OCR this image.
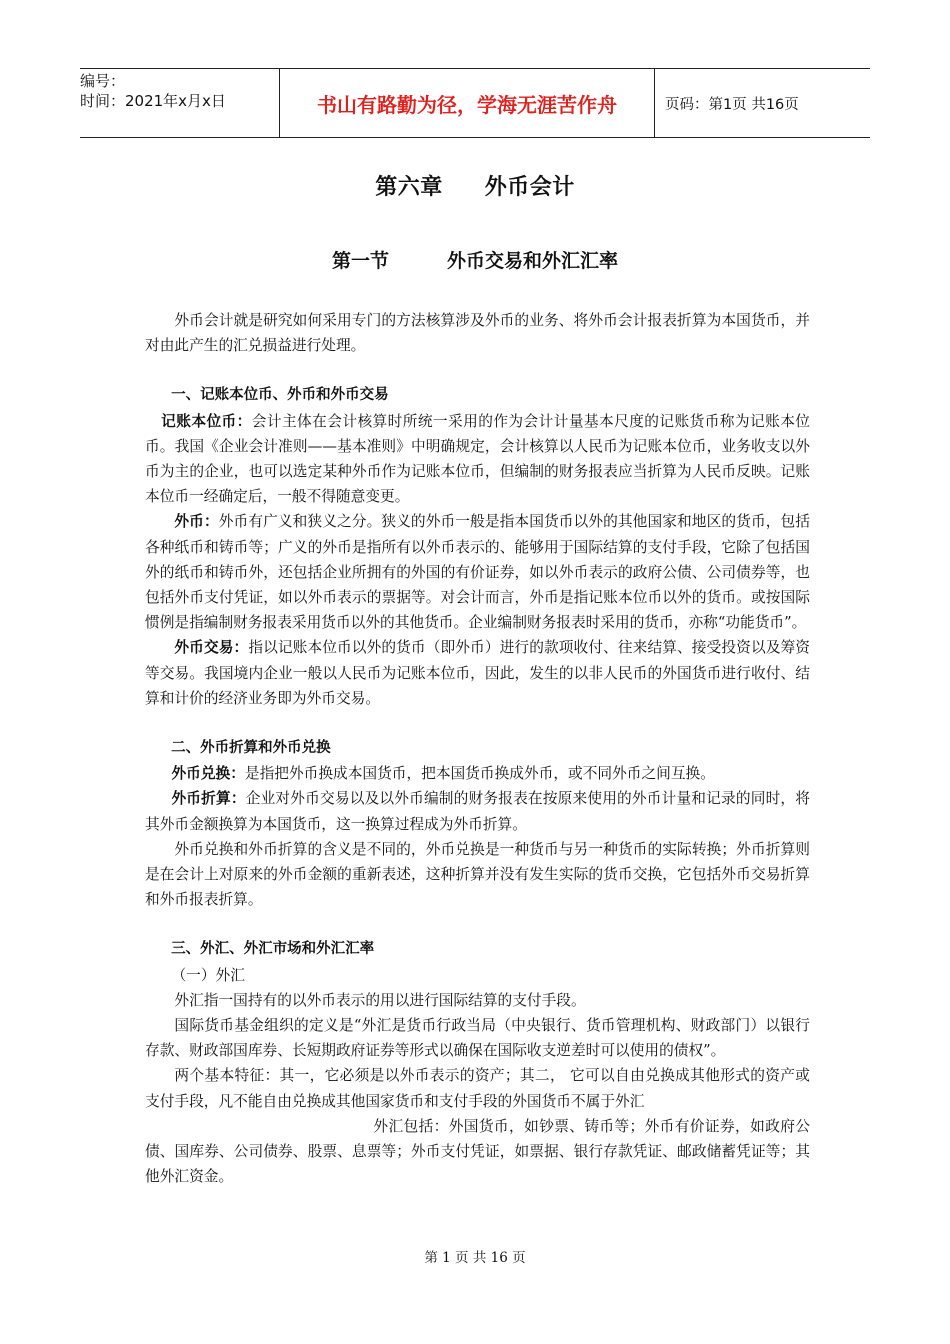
编号：
时间：2021年x月x日	书山有路勤为径，学海无涯苦作舟	页码：第1页 共16页
第六章 外币会计
第一节	外币交易和外汇汇率

外币会计就是研究如何采用专门的方法核算涉及外币的业务、将外币会计报表折算为本国货币，并对由此产生的汇兑损益进行处理。

一、记账本位币、外币和外币交易

记账本位币：会计主体在会计核算时所统一采用的作为会计计量基本尺度的记账货币称为记账本位币。我国《企业会计准则——基本准则》中明确规定，会计核算以人民币为记账本位币，业务收支以外币为主的企业，也可以选定某种外币作为记账本位币，但编制的财务报表应当折算为人民币反映。记账本位币一经确定后，一般不得随意变更。

外币：外币有广义和狭义之分。狭义的外币一般是指本国货币以外的其他国家和地区的货币，包括各种纸币和铸币等；广义的外币是指所有以外币表示的、能够用于国际结算的支付手段，它除了包括国外的纸币和铸币外，还包括企业所拥有的外国的有价证券，如以外币表示的政府公债、公司债券等，也包括外币支付凭证，如以外币表示的票据等。对会计而言，外币是指记账本位币以外的货币。或按国际惯例是指编制财务报表采用货币以外的其他货币。企业编制财务报表时采用的货币，亦称“功能货币”。

外币交易：指以记账本位币以外的货币（即外币）进行的款项收付、往来结算、接受投资以及筹资等交易。我国境内企业一般以人民币为记账本位币，因此，发生的以非人民币的外国货币进行收付、结算和计价的经济业务即为外币交易。

二、外币折算和外币兑换

外币兑换：是指把外币换成本国货币，把本国货币换成外币，或不同外币之间互换。

外币折算：企业对外币交易以及以外币编制的财务报表在按原来使用的外币计量和记录的同时，将其外币金额换算为本国货币，这一换算过程成为外币折算。

外币兑换和外币折算的含义是不同的，外币兑换是一种货币与另一种货币的实际转换；外币折算则是在会计上对原来的外币金额的重新表述，这种折算并没有发生实际的货币交换，它包括外币交易折算和外币报表折算。

三、外汇、外汇市场和外汇汇率

（一）外汇

外汇指一国持有的以外币表示的用以进行国际结算的支付手段。

国际货币基金组织的定义是“外汇是货币行政当局（中央银行、货币管理机构、财政部门）以银行存款、财政部国库券、长短期政府证券等形式以确保在国际收支逆差时可以使用的债权”。

两个基本特征：其一，它必须是以外币表示的资产；其二， 它可以自由兑换成其他形式的资产或支付手段，凡不能自由兑换成其他国家货币和支付手段的外国货币不属于外汇

外汇包括：外国货币，如钞票、铸币等；外币有价证券，如政府公债、国库券、公司债券、股票、息票等；外币支付凭证，如票据、银行存款凭证、邮政储蓄凭证等；其他外汇资金。

第 1 页 共 16 页
